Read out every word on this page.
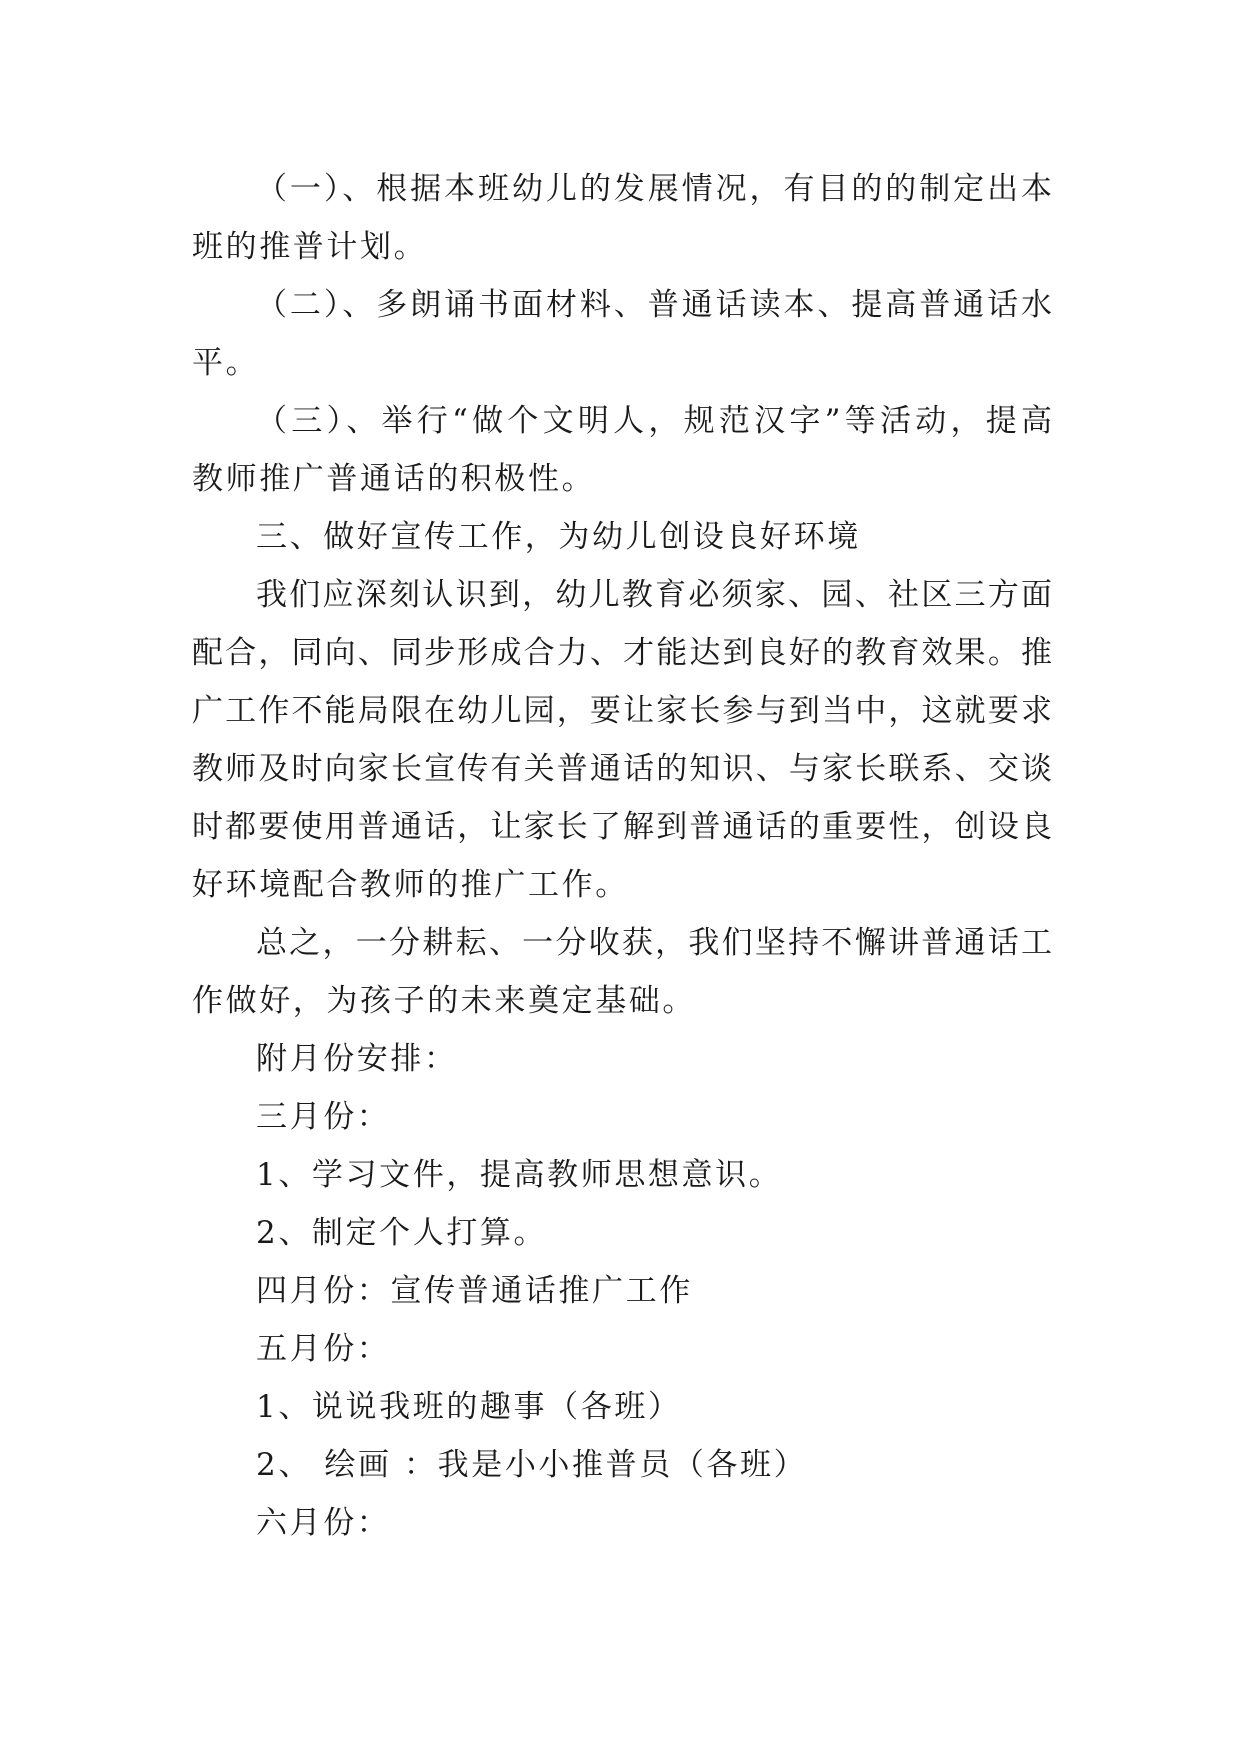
（一）、根据本班幼儿的发展情况，有目的的制定出本
班的推普计划。
（二）、多朗诵书面材料、普通话读本、提高普通话水
平。
（三）、举行“做个文明人，规范汉字”等活动，提高
教师推广普通话的积极性。
三、做好宣传工作，为幼儿创设良好环境
我们应深刻认识到，幼儿教育必须家、园、社区三方面
配合，同向、同步形成合力、才能达到良好的教育效果。推
广工作不能局限在幼儿园，要让家长参与到当中，这就要求
教师及时向家长宣传有关普通话的知识、与家长联系、交谈
时都要使用普通话，让家长了解到普通话的重要性，创设良
好环境配合教师的推广工作。
总之，一分耕耘、一分收获，我们坚持不懈讲普通话工
作做好，为孩子的未来奠定基础。
附月份安排：
三月份：
1、学习文件，提高教师思想意识。
2、制定个人打算。
四月份：宣传普通话推广工作
五月份：
1、说说我班的趣事（各班）
2、 绘画 ：我是小小推普员（各班）
六月份：
